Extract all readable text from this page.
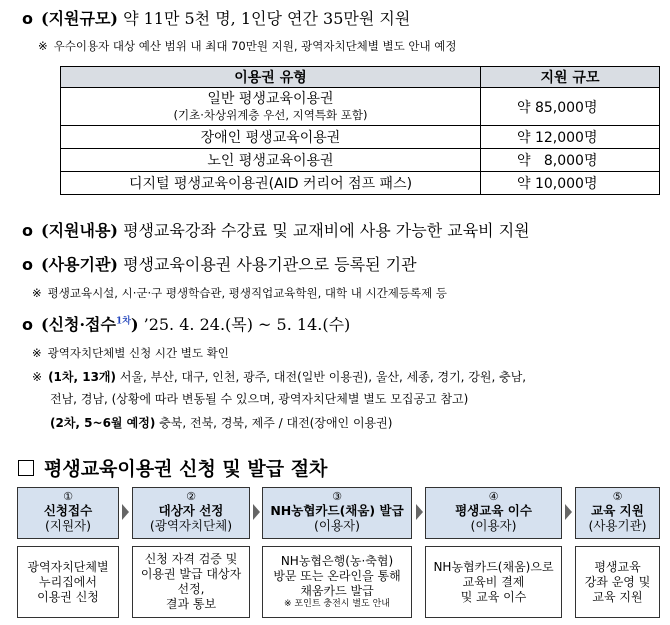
o (지원규모) 약 11만 5천 명, 1인당 연간 35만원 지원
※ 우수이용자 대상 예산 범위 내 최대 70만원 지원, 광역자치단체별 별도 안내 예정
이용권 유형	지원 규모

일반 평생교육이용권
(기초·차상위계층 우선, 지역특화 포함)	약 85,000명
장애인 평생교육이용권	약 12,000명
노인 평생교육이용권	약   8,000명
디지털 평생교육이용권(AID 커리어 점프 패스)	약 10,000명
o (지원내용) 평생교육강좌 수강료 및 교재비에 사용 가능한 교육비 지원
o (사용기관) 평생교육이용권 사용기관으로 등록된 기관
※ 평생교육시설, 시·군·구 평생학습관, 평생직업교육학원, 대학 내 시간제등록제 등
o (신청·접수$^{1차}$) ’25. 4. 24.(목) ~ 5. 14.(수)
※ 광역자치단체별 신청 시간 별도 확인
※ (1차, 13개) 서울, 부산, 대구, 인천, 광주, 대전(일반 이용권), 울산, 세종, 경기, 강원, 충남,
전남, 경남, (상황에 따라 변동될 수 있으며, 광역자치단체별 별도 모집공고 참고)
(2차, 5~6월 예정) 충북, 전북, 경북, 제주 / 대전(장애인 이용권)
평생교육이용권 신청 및 발급 절차
①
신청접수
(지원자)
②
대상자 선정
(광역자치단체)
③
NH농협카드(채움) 발급
(이용자)
④
평생교육 이수
(이용자)
⑤
교육 지원
(사용기관)
광역자치단체별
누리집에서
이용권 신청
신청 자격 검증 및
이용권 발급 대상자
선정,
결과 통보
NH농협은행(농·축협)
방문 또는 온라인을 통해
채움카드 발급
※ 포인트 충전시 별도 안내
NH농협카드(채움)으로
교육비 결제
및 교육 이수
평생교육
강좌 운영 및
교육 지원
